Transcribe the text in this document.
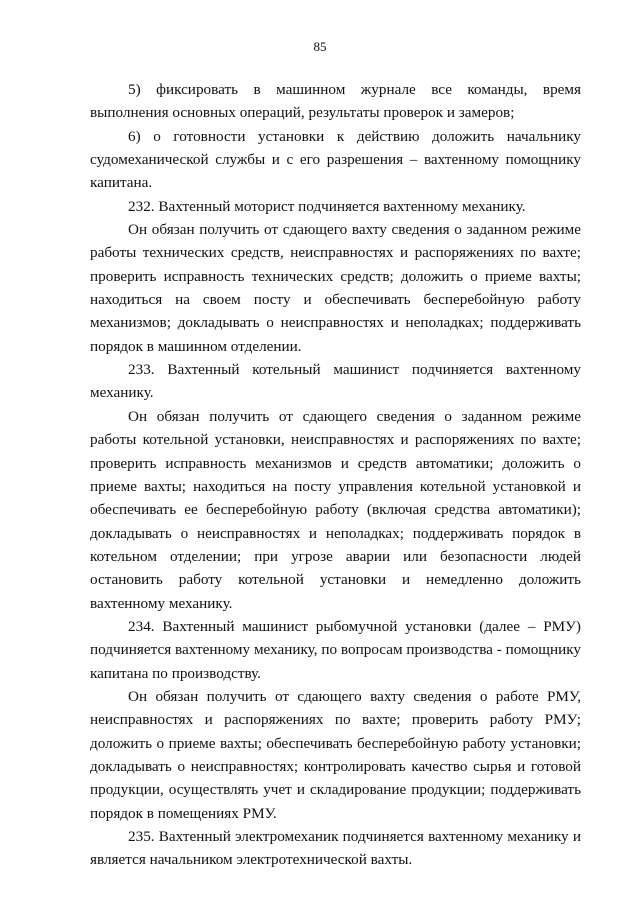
85

5) фиксировать в машинном журнале все команды, время выполнения основных операций, результаты проверок и замеров;

6) о готовности установки к действию доложить начальнику судомеханической службы и с его разрешения – вахтенному помощнику капитана.

232. Вахтенный моторист подчиняется вахтенному механику.

Он обязан получить от сдающего вахту сведения о заданном режиме работы технических средств, неисправностях и распоряжениях по вахте; проверить исправность технических средств; доложить о приеме вахты; находиться на своем посту и обеспечивать бесперебойную работу механизмов; докладывать о неисправностях и неполадках; поддерживать порядок в машинном отделении.

233. Вахтенный котельный машинист подчиняется вахтенному механику.

Он обязан получить от сдающего сведения о заданном режиме работы котельной установки, неисправностях и распоряжениях по вахте; проверить исправность механизмов и средств автоматики; доложить о приеме вахты; находиться на посту управления котельной установкой и обеспечивать ее бесперебойную работу (включая средства автоматики); докладывать о неисправностях и неполадках; поддерживать порядок в котельном отделении; при угрозе аварии или безопасности людей остановить работу котельной установки и немедленно доложить вахтенному механику.

234. Вахтенный машинист рыбомучной установки (далее – РМУ) подчиняется вахтенному механику, по вопросам производства - помощнику капитана по производству.

Он обязан получить от сдающего вахту сведения о работе РМУ, неисправностях и распоряжениях по вахте; проверить работу РМУ; доложить о приеме вахты; обеспечивать бесперебойную работу установки; докладывать о неисправностях; контролировать качество сырья и готовой продукции, осуществлять учет и складирование продукции; поддерживать порядок в помещениях РМУ.

235. Вахтенный электромеханик подчиняется вахтенному механику и является начальником электротехнической вахты.
